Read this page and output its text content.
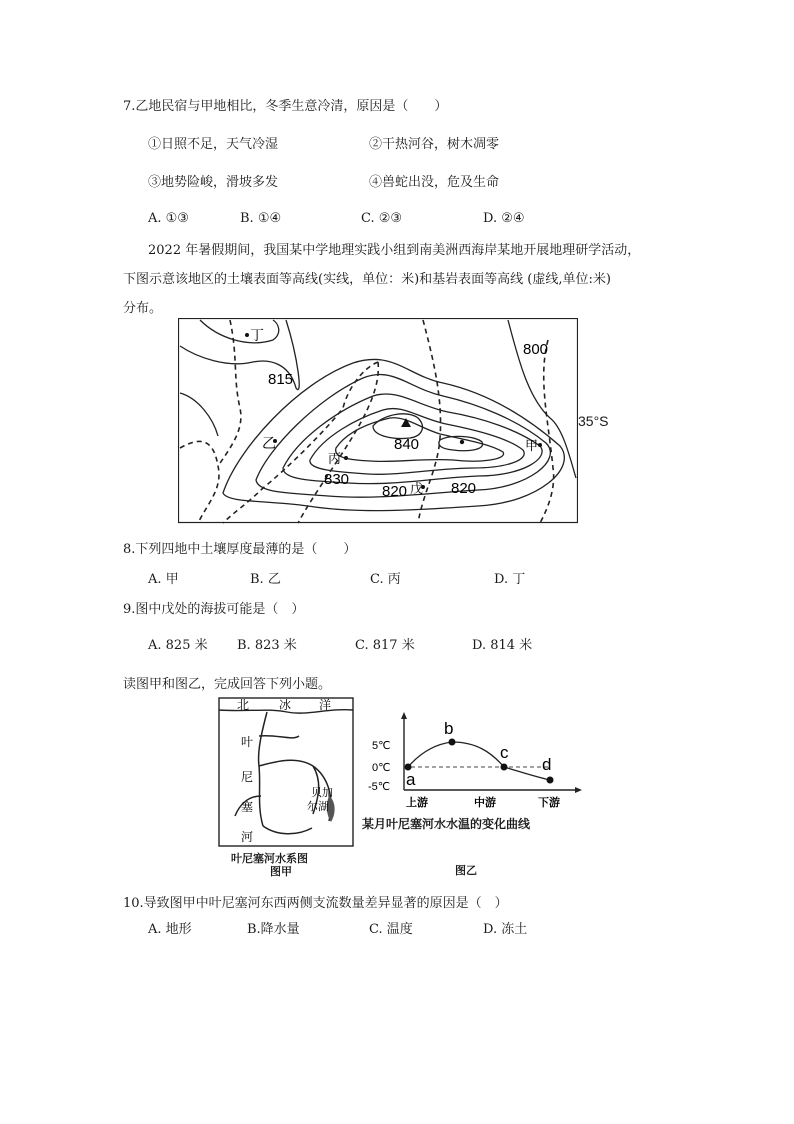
7.乙地民宿与甲地相比，冬季生意冷清，原因是（　　）
①日照不足，天气冷湿	②干热河谷，树木凋零
③地势险峻，滑坡多发	④兽蛇出没，危及生命
A. ①③	B. ①④	C. ②③	D. ②④
2022 年暑假期间，我国某中学地理实践小组到南美洲西海岸某地开展地理研学活动，
下图示意该地区的土壤表面等高线(实线，单位：米)和基岩表面等高线 (虚线,单位:米)
分布。
丁
乙
丙
甲
戊
815
800
840
830
820	820
35°S
8.下列四地中土壤厚度最薄的是（　　）
A. 甲	B. 乙	C. 丙	D. 丁
9.图中戊处的海拔可能是（　）
A. 825 米 B. 823 米	C. 817 米	D. 814 米
读图甲和图乙，完成回答下列小题。
北 冰 洋
叶
尼
塞
河
贝加
尔湖
叶尼塞河水系图
图甲
5℃
0℃
-5℃ a
b
c
d
上游	中游	下游
某月叶尼塞河水水温的变化曲线
图乙
10.导致图甲中叶尼塞河东西两侧支流数量差异显著的原因是（　）
A. 地形	B.降水量	C. 温度	D. 冻土
